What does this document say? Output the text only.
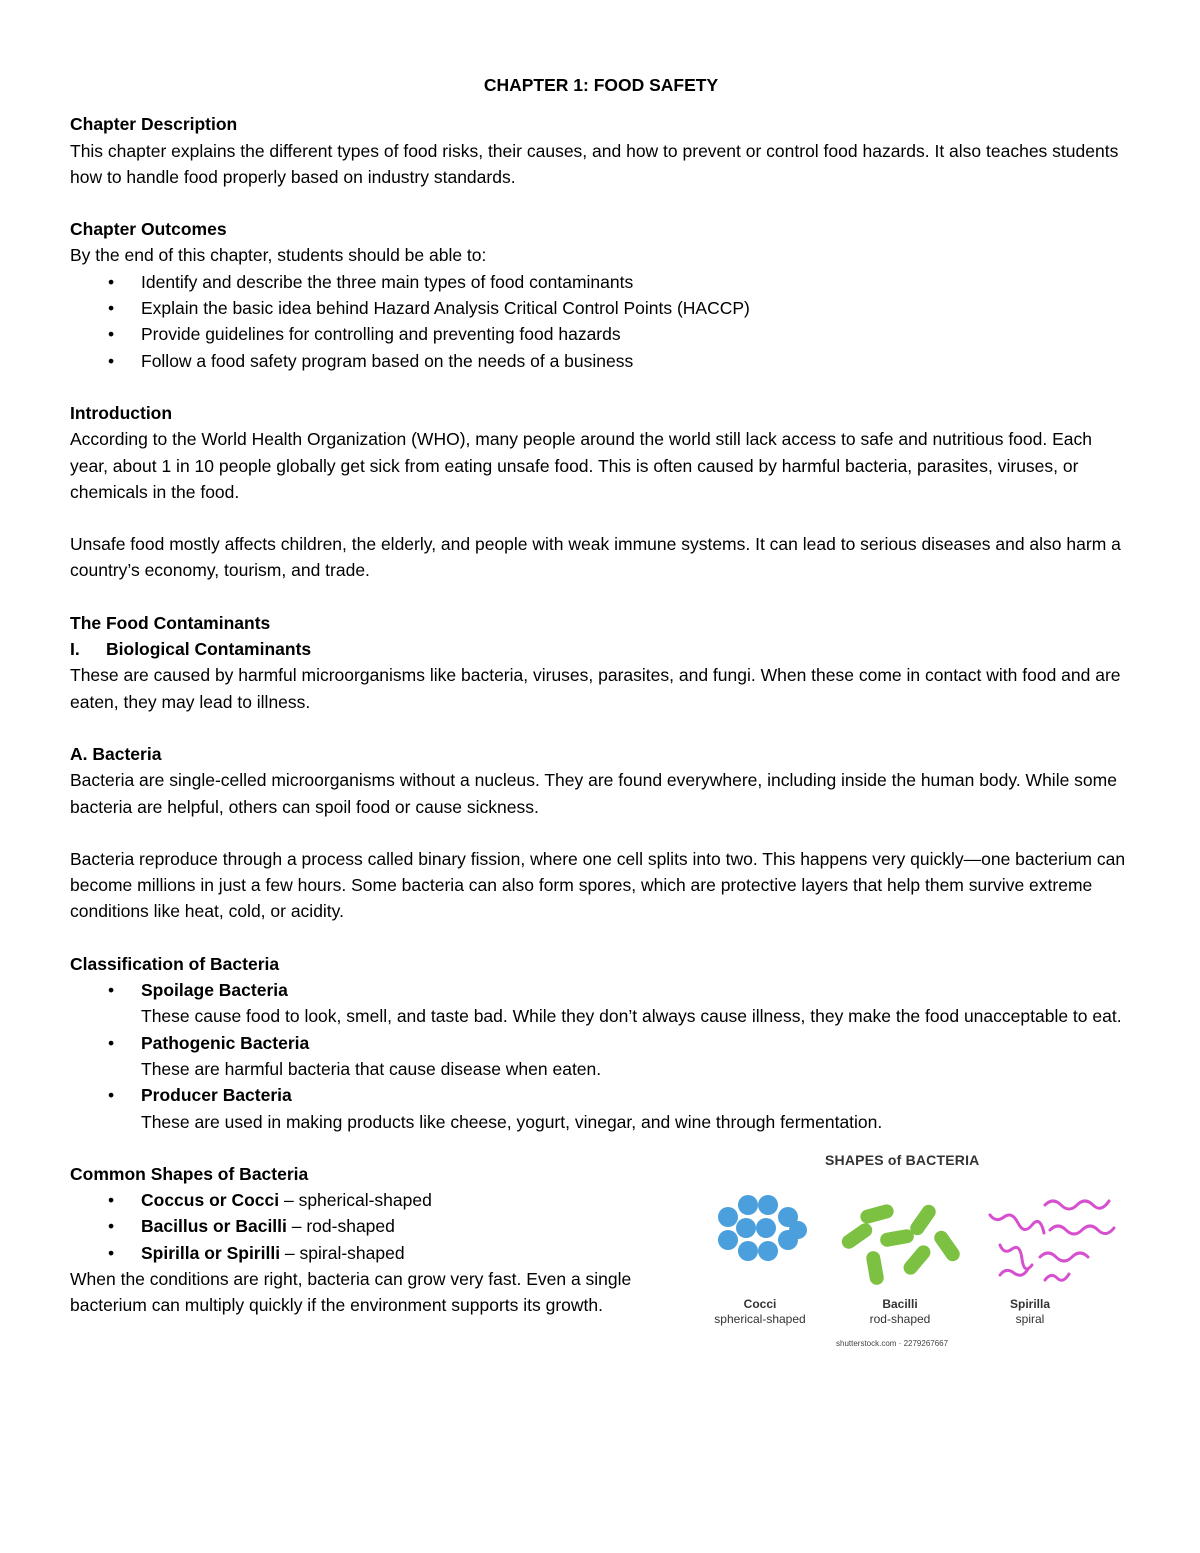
CHAPTER 1: FOOD SAFETY
Chapter Description

This chapter explains the different types of food risks, their causes, and how to prevent or control food hazards. It also teaches students how to handle food properly based on industry standards.

Chapter Outcomes

By the end of this chapter, students should be able to:

• Identify and describe the three main types of food contaminants
• Explain the basic idea behind Hazard Analysis Critical Control Points (HACCP)
• Provide guidelines for controlling and preventing food hazards
• Follow a food safety program based on the needs of a business
Introduction

According to the World Health Organization (WHO), many people around the world still lack access to safe and nutritious food. Each year, about 1 in 10 people globally get sick from eating unsafe food. This is often caused by harmful bacteria, parasites, viruses, or chemicals in the food.

Unsafe food mostly affects children, the elderly, and people with weak immune systems. It can lead to serious diseases and also harm a country’s economy, tourism, and trade.

The Food Contaminants
I.	Biological Contaminants

These are caused by harmful microorganisms like bacteria, viruses, parasites, and fungi. When these come in contact with food and are eaten, they may lead to illness.

A. Bacteria

Bacteria are single-celled microorganisms without a nucleus. They are found everywhere, including inside the human body. While some bacteria are helpful, others can spoil food or cause sickness.

Bacteria reproduce through a process called binary fission, where one cell splits into two. This happens very quickly—one bacterium can become millions in just a few hours. Some bacteria can also form spores, which are protective layers that help them survive extreme conditions like heat, cold, or acidity.

Classification of Bacteria
• Spoilage Bacteria
These cause food to look, smell, and taste bad. While they don’t always cause illness, they make the food unacceptable to eat.
• Pathogenic Bacteria
These are harmful bacteria that cause disease when eaten.
• Producer Bacteria
These are used in making products like cheese, yogurt, vinegar, and wine through fermentation.
Common Shapes of Bacteria
• Coccus or Cocci – spherical-shaped
• Bacillus or Bacilli – rod-shaped
• Spirilla or Spirilli – spiral-shaped

When the conditions are right, bacteria can grow very fast. Even a single bacterium can multiply quickly if the environment supports its growth.

SHAPES of BACTERIA
Cocci
spherical-shaped
Bacilli
rod-shaped
Spirilla
spiral
shutterstock.com · 2279267667
